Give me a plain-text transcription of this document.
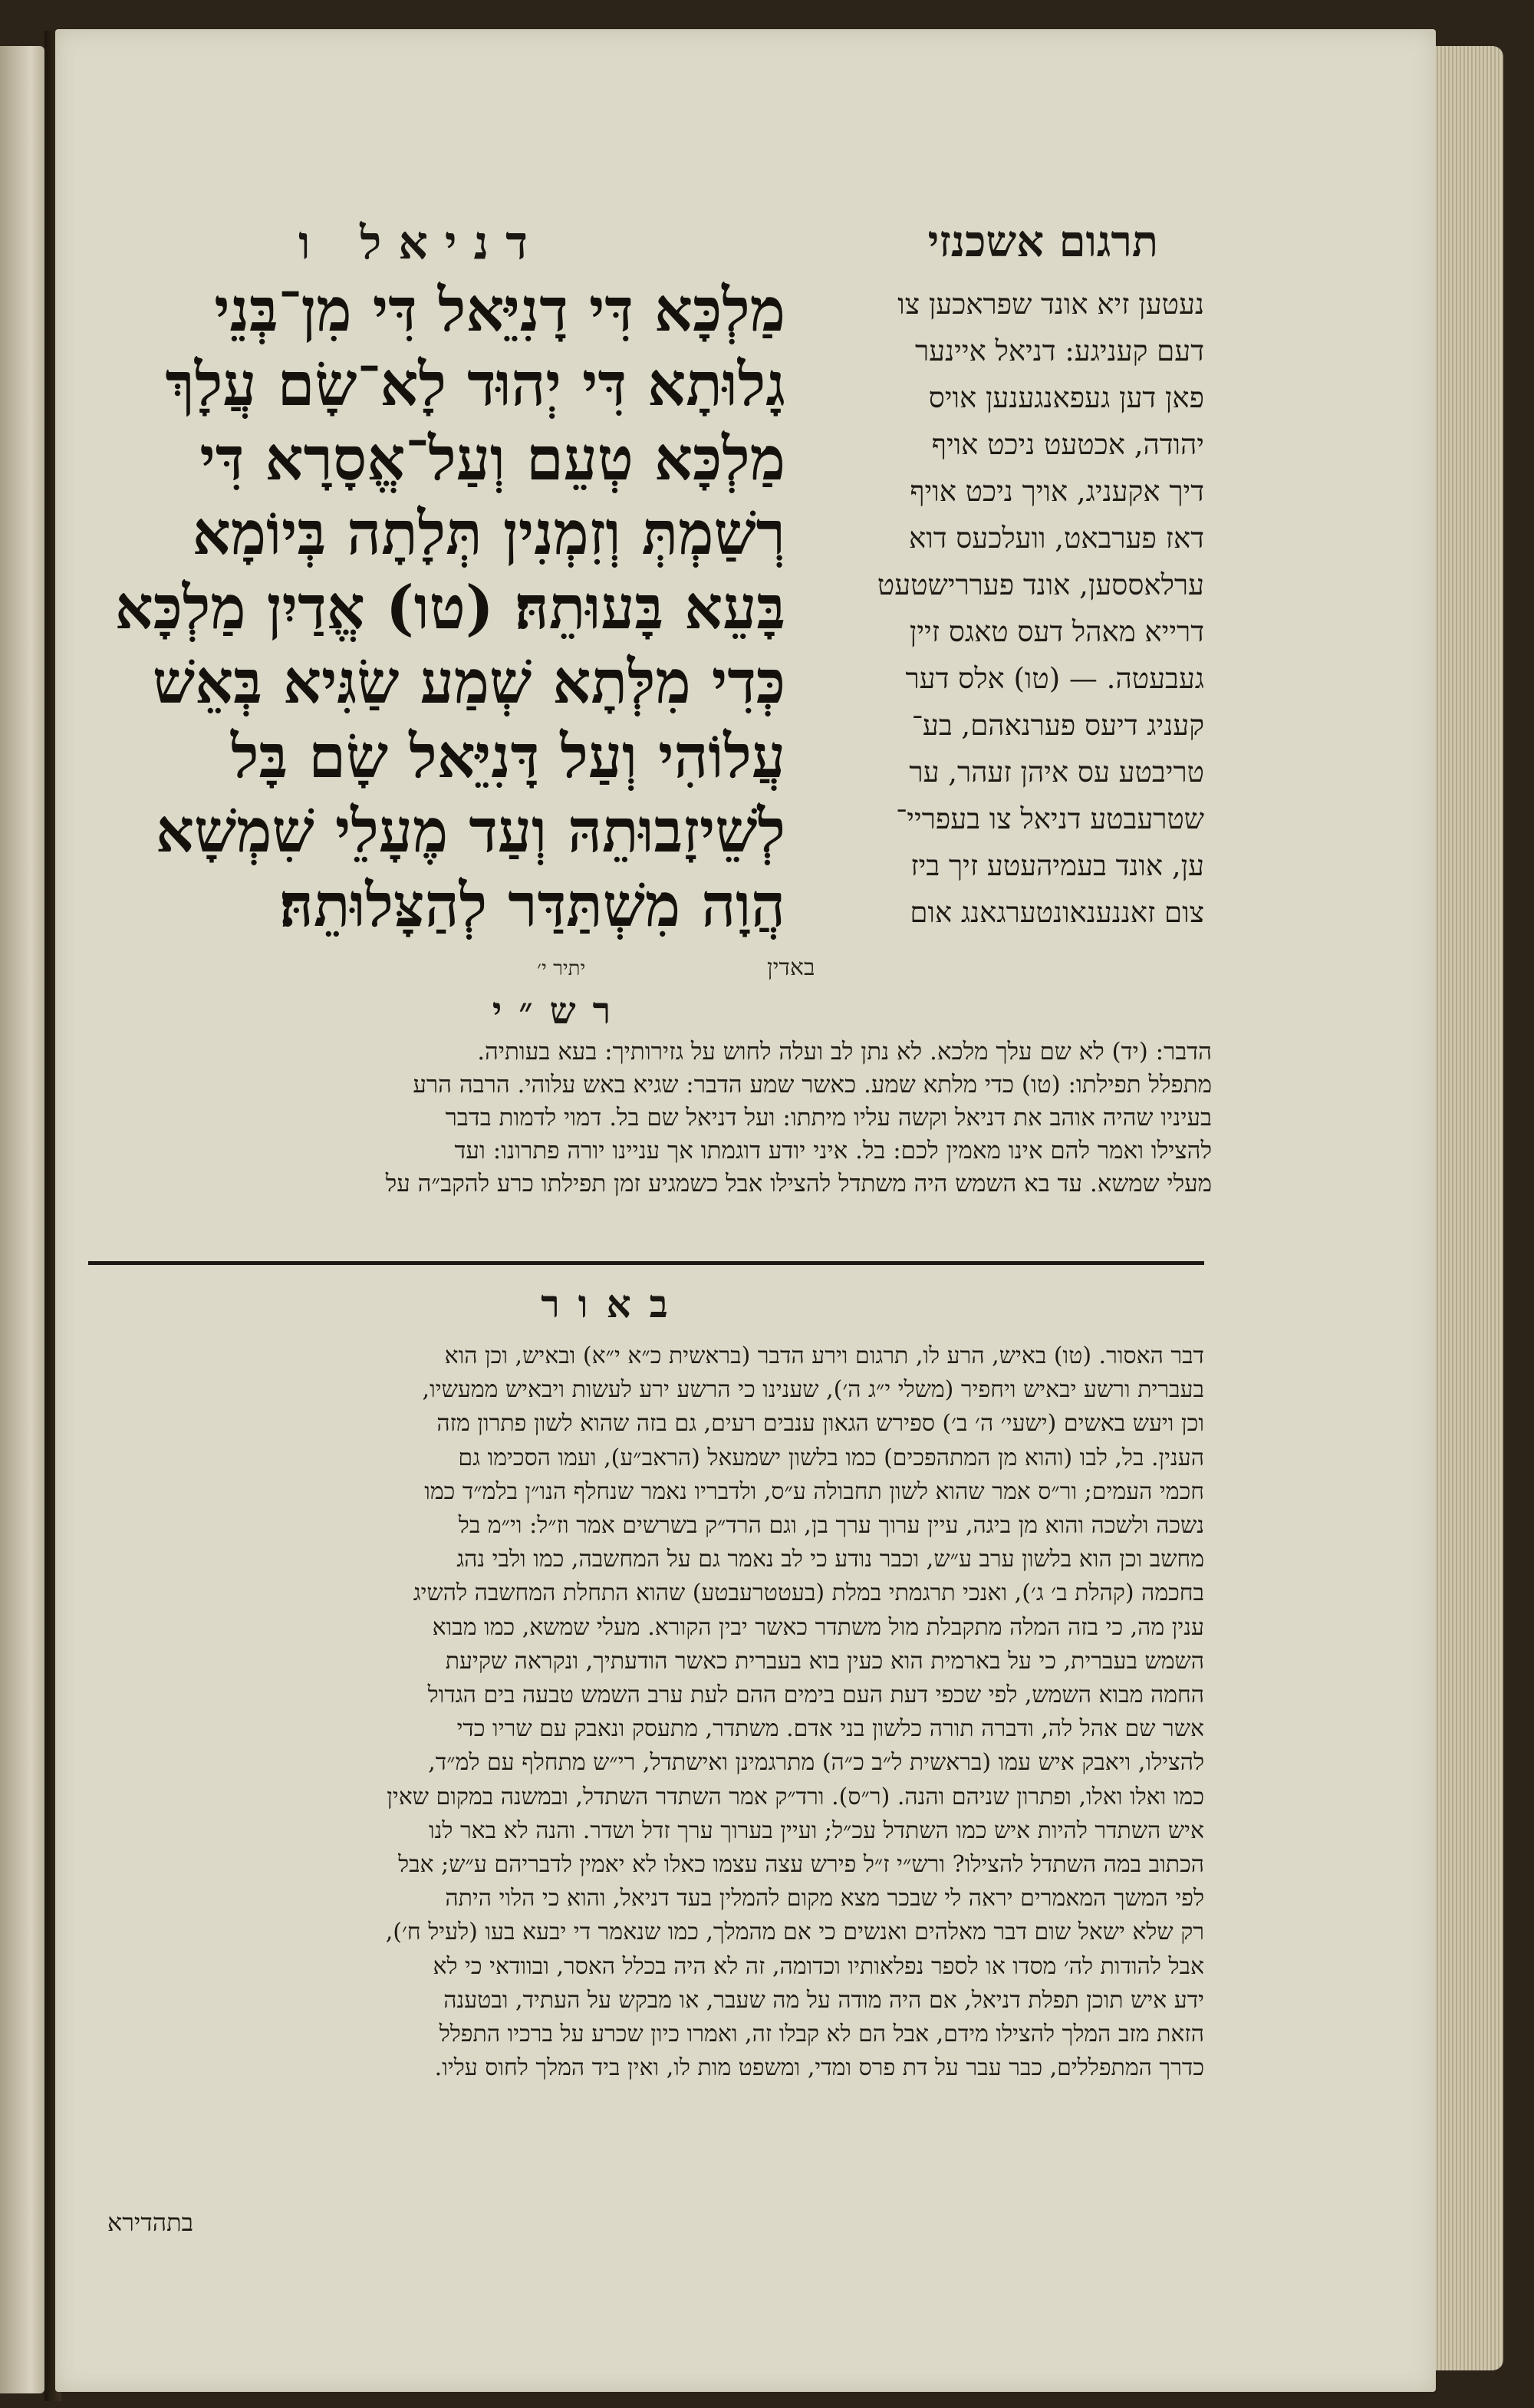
תרגום אשכנזי
דניאל ו
נעטען זיא אונד שפראכען צו
דעם קעניגע: דניאל איינער
פאן דען געפאנגענען אויס
יהודה, אכטעט ניכט אויף
דיך אקעניג, אויך ניכט אויף
דאז פערבאט, וועלכעס דוא
ערלאססען, אונד פעררישטעט
דרייא מאהל דעס טאגס זיין
געבעטה. — (טו) אלס דער
קעניג דיעס פערנאהם, בע־
טריבטע עס איהן זעהר, ער
שטרעבטע דניאל צו בעפריי־
ען, אונד בעמיהעטע זיך ביז
צום זאננענאונטערגאנג אום
מַלְכָּא דִּי דָנִיֵּאל דִּי מִן־בְּנֵי
גָלוּתָא דִּי יְהוּד לָא־שָׂם עֲלָךְ
מַלְכָּא טְעֵם וְעַל־אֱסָרָא דִּי
רְשַׁמְתְּ וְזִמְנִין תְּלָתָה בְּיוֹמָא
בָּעֵא בָּעוּתֵהּ׃ (טו) אֱדַיִן מַלְכָּא
כְּדִי מִלְּתָא שְׁמַע שַׂגִּיא בְּאֵשׁ
עֲלוֹהִי וְעַל דָּנִיֵּאל שָׂם בָּל
לְשֵׁיזָבוּתֵהּ וְעַד מֶעָלֵי שִׁמְשָׁא
הֲוָה מִשְׁתַּדַּר לְהַצָּלוּתֵהּ׃
באדין
יתיר י׳
רש״י
הדבר: (יד) לא שם עלך מלכא. לא נתן לב ועלה לחוש על גזירותיך: בעא בעותיה.
מתפלל תפילתו: (טו) כדי מלתא שמע. כאשר שמע הדבר: שגיא באש עלוהי. הרבה הרע
בעיניו שהיה אוהב את דניאל וקשה עליו מיתתו: ועל דניאל שם בל. דמוי לדמות בדבר
להצילו ואמר להם אינו מאמין לכם: בל. איני יודע דוגמתו אך עניינו יורה פתרונו: ועד
מעלי שמשא. עד בא השמש היה משתדל להצילו אבל כשמגיע זמן תפילתו כרע להקב״ה על
באור
דבר האסור. (טו) באיש, הרע לו, תרגום וירע הדבר (בראשית כ״א י״א) ובאיש, וכן הוא
בעברית ורשע יבאיש ויחפיר (משלי י״ג ה׳), שענינו כי הרשע ירע לעשות ויבאיש ממעשיו,
וכן ויעש באשים (ישעי׳ ה׳ ב׳) ספירש הגאון ענבים רעים, גם בזה שהוא לשון פתרון מזה
הענין. בל, לבו (והוא מן המתהפכים) כמו בלשון ישמעאל (הראב״ע), ועמו הסכימו גם
חכמי העמים; ור״ס אמר שהוא לשון תחבולה ע״ס, ולדבריו נאמר שנחלף הנו״ן בלמ״ד כמו
נשכה ולשכה והוא מן ביגה, עיין ערוך ערך בן, וגם הרד״ק בשרשים אמר וז״ל: וי״מ בל
מחשב וכן הוא בלשון ערב ע״ש, וכבר נודע כי לב נאמר גם על המחשבה, כמו ולבי נהג
בחכמה (קהלת ב׳ ג׳), ואנכי תרגמתי במלת (בעטטרעבטע) שהוא התחלת המחשבה להשיג
ענין מה, כי בזה המלה מתקבלת מול משתדר כאשר יבין הקורא. מעלי שמשא, כמו מבוא
השמש בעברית, כי על בארמית הוא כעין בוא בעברית כאשר הודעתיך, ונקראה שקיעת
החמה מבוא השמש, לפי שכפי דעת העם בימים ההם לעת ערב השמש טבעה בים הגדול
אשר שם אהל לה, ודברה תורה כלשון בני אדם. משתדר, מתעסק ונאבק עם שריו כדי
להצילו, ויאבק איש עמו (בראשית ל״ב כ״ה) מתרגמינן ואישתדל, רי״ש מתחלף עם למ״ד,
כמו ואלו ואלו, ופתרון שניהם והנה. (ר״ס). ורד״ק אמר השתדר השתדל, ובמשנה במקום שאין
איש השתדר להיות איש כמו השתדל עכ״ל; ועיין בערוך ערך זדל ושדר. והנה לא באר לנו
הכתוב במה השתדל להצילו? ורש״י ז״ל פירש עצה עצמו כאלו לא יאמין לדבריהם ע״ש; אבל
לפי המשך המאמרים יראה לי שבכר מצא מקום להמלין בעד דניאל, והוא כי הלוי היתה
רק שלא ישאל שום דבר מאלהים ואנשים כי אם מהמלך, כמו שנאמר די יבעא בעו (לעיל ח׳),
אבל להודות לה׳ מסדו או לספר נפלאותיו וכדומה, זה לא היה בכלל האסר, ובוודאי כי לא
ידע איש תוכן תפלת דניאל, אם היה מודה על מה שעבר, או מבקש על העתיד, ובטענה
הזאת מזב המלך להצילו מידם, אבל הם לא קבלו זה, ואמרו כיון שכרע על ברכיו התפלל
כדרך המתפללים, כבר עבר על דת פרס ומדי, ומשפט מות לו, ואין ביד המלך לחוס עליו.
בתהדירא
